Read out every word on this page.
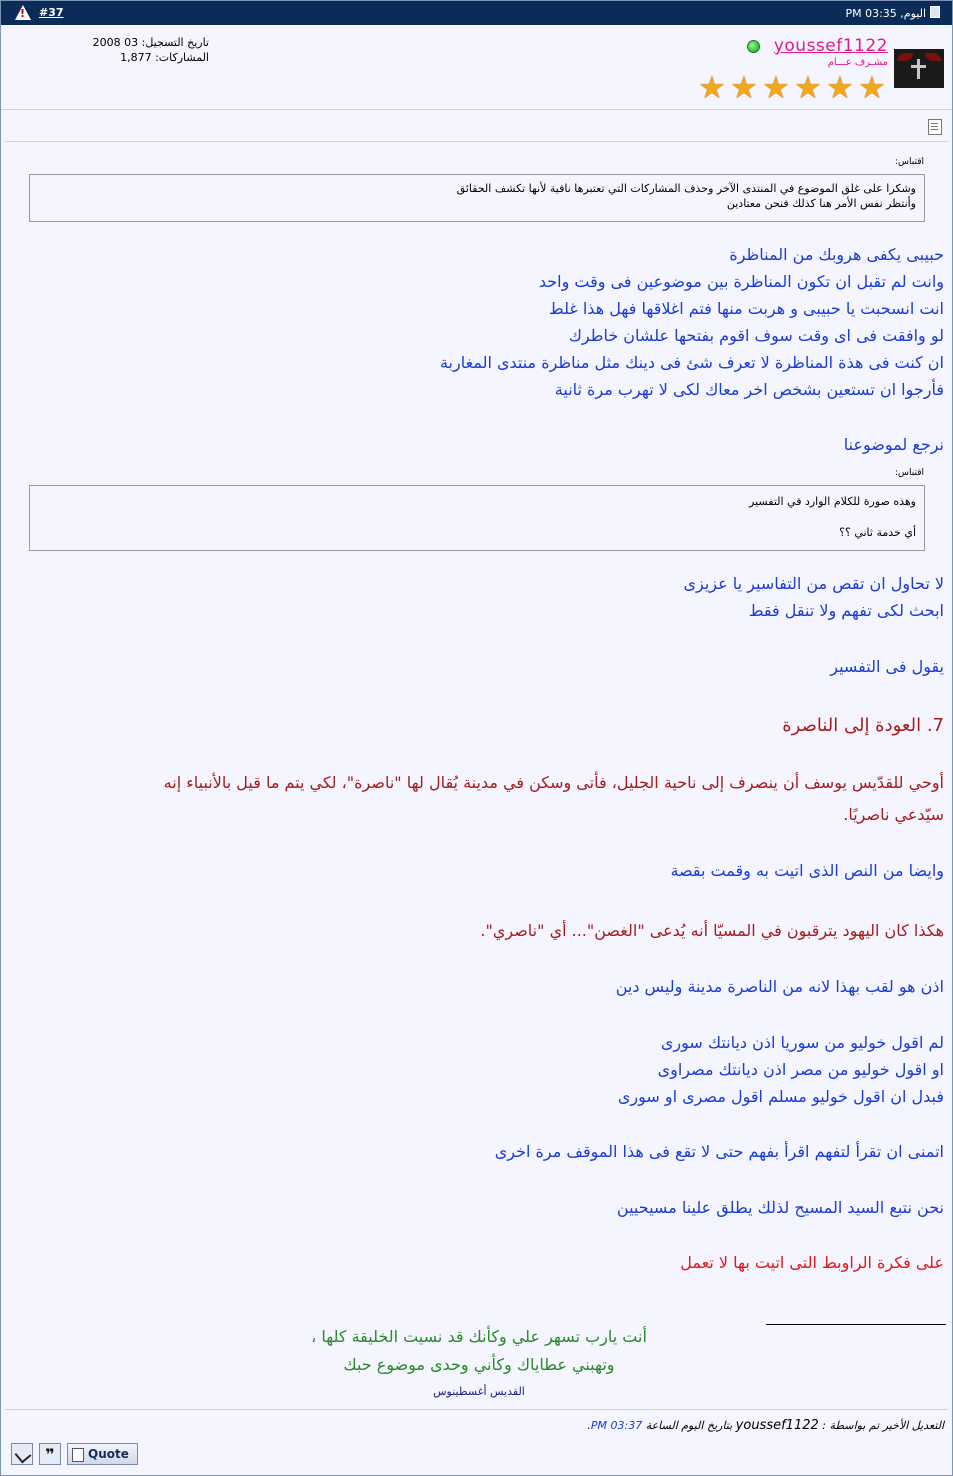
!
#37	اليوم, 03:35 PM
youssef1122
مشـرف عـــام
★ ★ ★ ★ ★ ★
تاريخ التسجيل: 03 2008
المشاركات: 1,877
اقتباس:
وشكرا على غلق الموضوع في المنتدى الآخر وحذف المشاركات التي تعتبرها نافية لأنها تكشف الحقائق
وأنتظر نفس الأمر هنا كذلك فنحن معتادين
حبيبى يكفى هروبك من المناظرة
وانت لم تقبل ان تكون المناظرة بين موضوعين فى وقت واحد
انت انسحبت يا حبيبى و هربت منها فتم اغلاقها فهل هذا غلط
لو وافقت فى اى وقت سوف اقوم بفتحها علشان خاطرك
ان كنت فى هذة المناظرة لا تعرف شئ فى دينك مثل مناظرة منتدى المغاربة
فأرجوا ان تستعين بشخص اخر معاك لكى لا تهرب مرة ثانية
نرجع لموضوعنا
اقتباس:
وهذه صورة للكلام الوارد في التفسير
أي خدمة ثاني ؟؟
لا تحاول ان تقص من التفاسير يا عزيزى
ابحث لكى تفهم ولا تنقل فقط
يقول فى التفسير
7. العودة إلى الناصرة
أوحي للقدّيس يوسف أن ينصرف إلى ناحية الجليل، فأتى وسكن في مدينة يُقال لها "ناصرة"، لكي يتم ما قيل بالأنبياء إنه
سيّدعي ناصريًا.
وايضا من النص الذى اتيت به وقمت بقصة
هكذا كان اليهود يترقبون في المسيّا أنه يُدعى "الغصن"... أي "ناصري".
اذن هو لقب بهذا لانه من الناصرة مدينة وليس دين
لم اقول خوليو من سوريا اذن ديانتك سورى
او اقول خوليو من مصر اذن ديانتك مصراوى
فبدل ان اقول خوليو مسلم اقول مصرى او سورى
اتمنى ان تقرأ لتفهم اقرأ بفهم حتى لا تقع فى هذا الموقف مرة اخرى
نحن نتبع السيد المسيح لذلك يطلق علينا مسيحيين
على فكرة الراوبط التى اتيت بها لا تعمل
أنت يارب تسهر علي وكأنك قد نسيت الخليقة كلها ،
وتهبني عطاياك وكأني وحدى موضوع حبك
القديس أغسطينوس
التعديل الأخير تم بواسطة : youssef1122 بتاريخ اليوم الساعة 03:37 PM.
❞	Quote
